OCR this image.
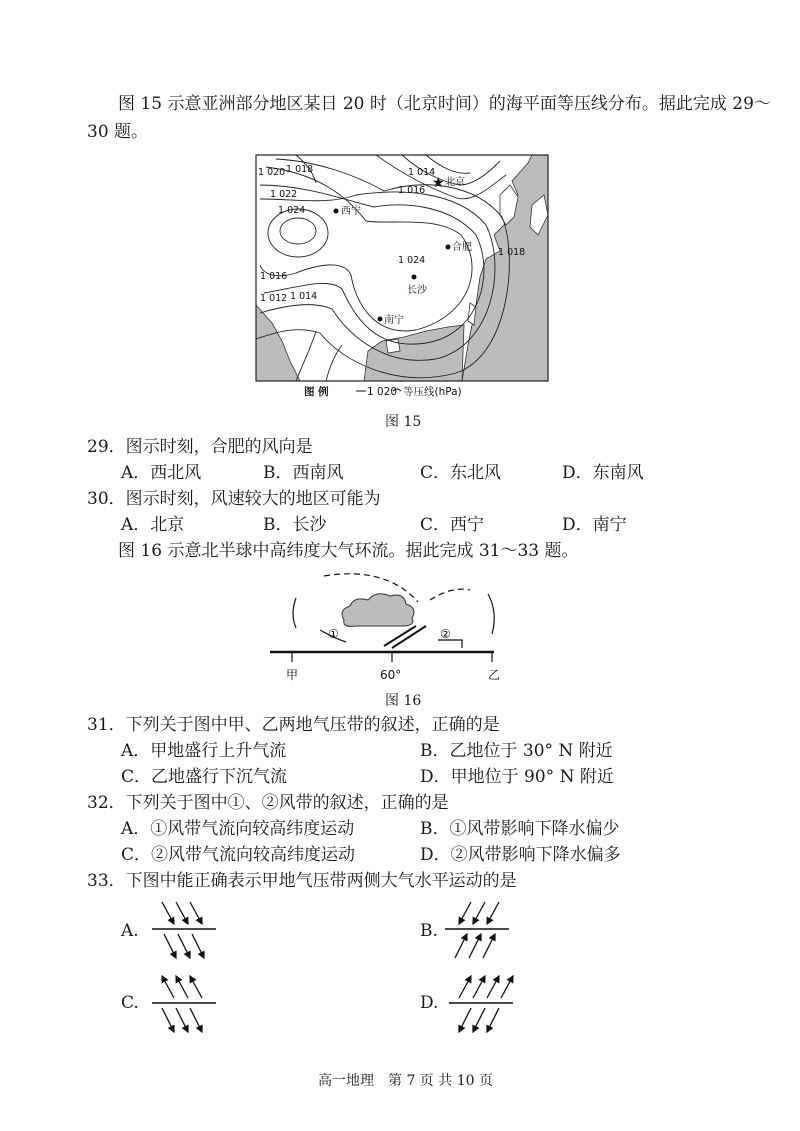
图 15 示意亚洲部分地区某日 20 时（北京时间）的海平面等压线分布。据此完成 29～
30 题。
1 020 1 018
1 022
1 024
1 014
1 016
1 024
1 018
1 016
1 012 1 014
★ 北京
西宁
合肥
长沙
南宁
图 例	1 020 等压线(hPa)
图 15
29．图示时刻，合肥的风向是
A．西北风	B．西南风	C．东北风	D．东南风
30．图示时刻，风速较大的地区可能为
A．北京	B．长沙	C．西宁	D．南宁
图 16 示意北半球中高纬度大气环流。据此完成 31～33 题。
①	②
甲	60°	乙
图 16
31．下列关于图中甲、乙两地气压带的叙述，正确的是
A．甲地盛行上升气流	B．乙地位于 30° N 附近
C．乙地盛行下沉气流	D．甲地位于 90° N 附近
32．下列关于图中①、②风带的叙述，正确的是
A．①风带气流向较高纬度运动	B．①风带影响下降水偏少
C．②风带气流向较高纬度运动	D．②风带影响下降水偏多
33．下图中能正确表示甲地气压带两侧大气水平运动的是
A.	B.
C.	D.
高一地理　第 7 页 共 10 页
